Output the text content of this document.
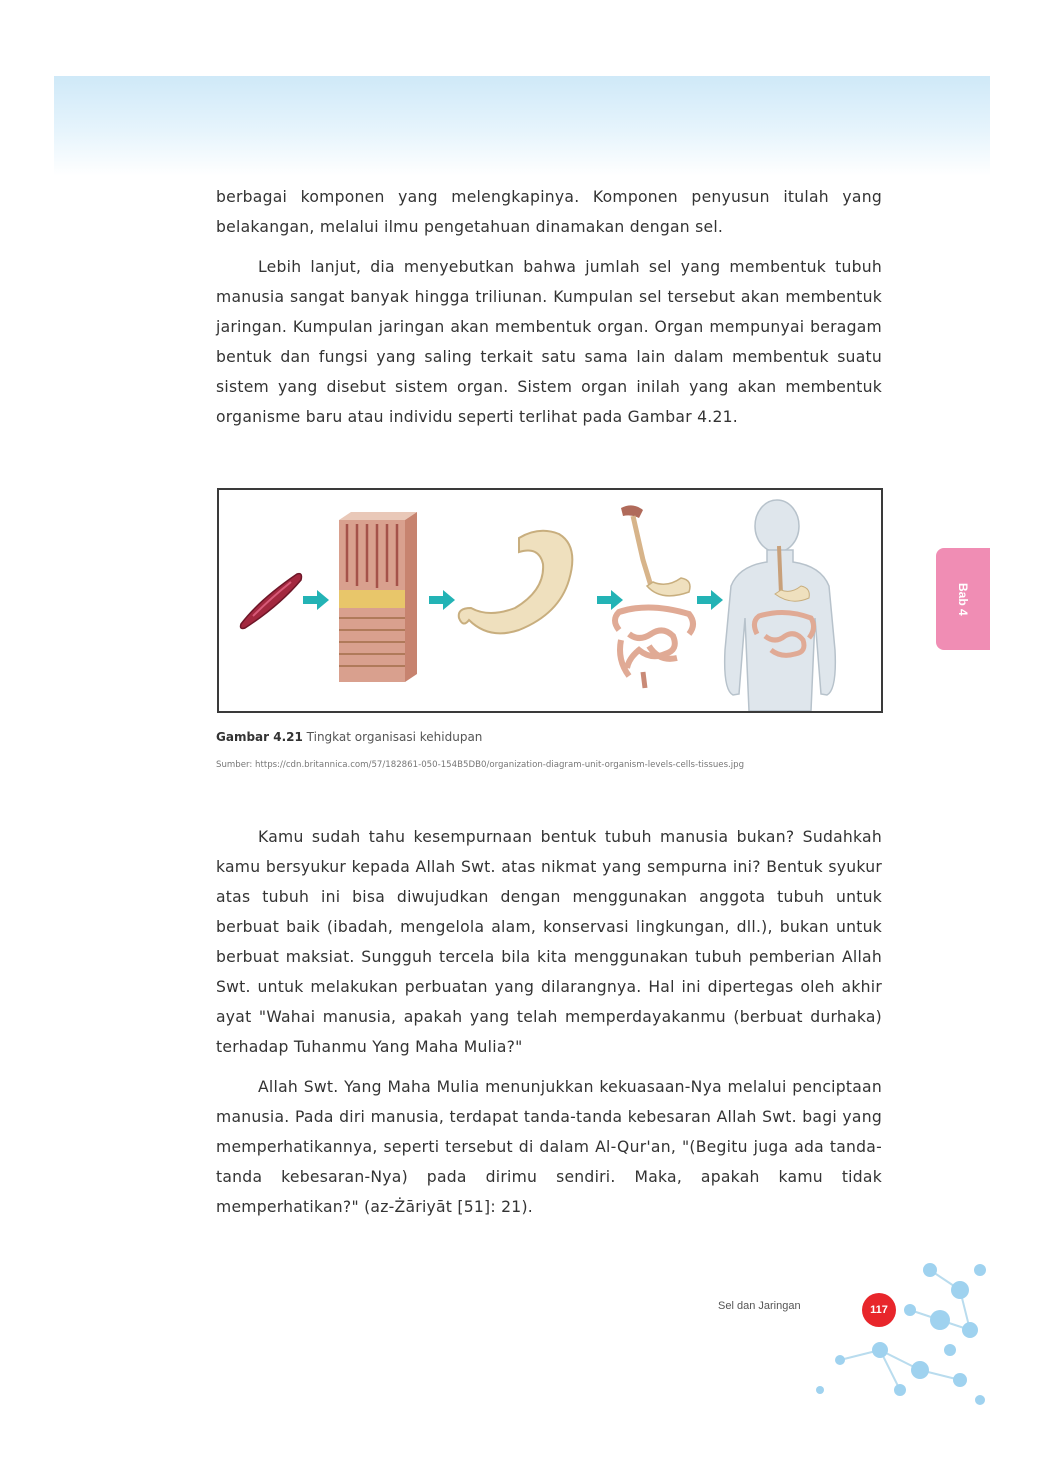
berbagai komponen yang melengkapinya. Komponen penyusun itulah yang belakangan, melalui ilmu pengetahuan dinamakan dengan sel.

Lebih lanjut, dia menyebutkan bahwa jumlah sel yang membentuk tubuh manusia sangat banyak hingga triliunan. Kumpulan sel tersebut akan membentuk jaringan. Kumpulan jaringan akan membentuk organ. Organ mempunyai beragam bentuk dan fungsi yang saling terkait satu sama lain dalam membentuk suatu sistem yang disebut sistem organ. Sistem organ inilah yang akan membentuk organisme baru atau individu seperti terlihat pada Gambar 4.21.

Gambar 4.21 Tingkat organisasi kehidupan
Sumber: https://cdn.britannica.com/57/182861-050-154B5DB0/organization-diagram-unit-organism-levels-cells-tissues.jpg

Kamu sudah tahu kesempurnaan bentuk tubuh manusia bukan? Sudahkah kamu bersyukur kepada Allah Swt. atas nikmat yang sempurna ini? Bentuk syukur atas tubuh ini bisa diwujudkan dengan menggunakan anggota tubuh untuk berbuat baik (ibadah, mengelola alam, konservasi lingkungan, dll.), bukan untuk berbuat maksiat. Sungguh tercela bila kita menggunakan tubuh pemberian Allah Swt. untuk melakukan perbuatan yang dilarangnya. Hal ini dipertegas oleh akhir ayat "Wahai manusia, apakah yang telah memperdayakanmu (berbuat durhaka) terhadap Tuhanmu Yang Maha Mulia?"

Allah Swt. Yang Maha Mulia menunjukkan kekuasaan-Nya melalui penciptaan manusia. Pada diri manusia, terdapat tanda-tanda kebesaran Allah Swt. bagi yang memperhatikannya, seperti tersebut di dalam Al-Qur'an, "(Begitu juga ada tanda-tanda kebesaran-Nya) pada dirimu sendiri. Maka, apakah kamu tidak memperhatikan?" (az-Żāriyāt [51]: 21).

Bab 4
Sel dan Jaringan	117
